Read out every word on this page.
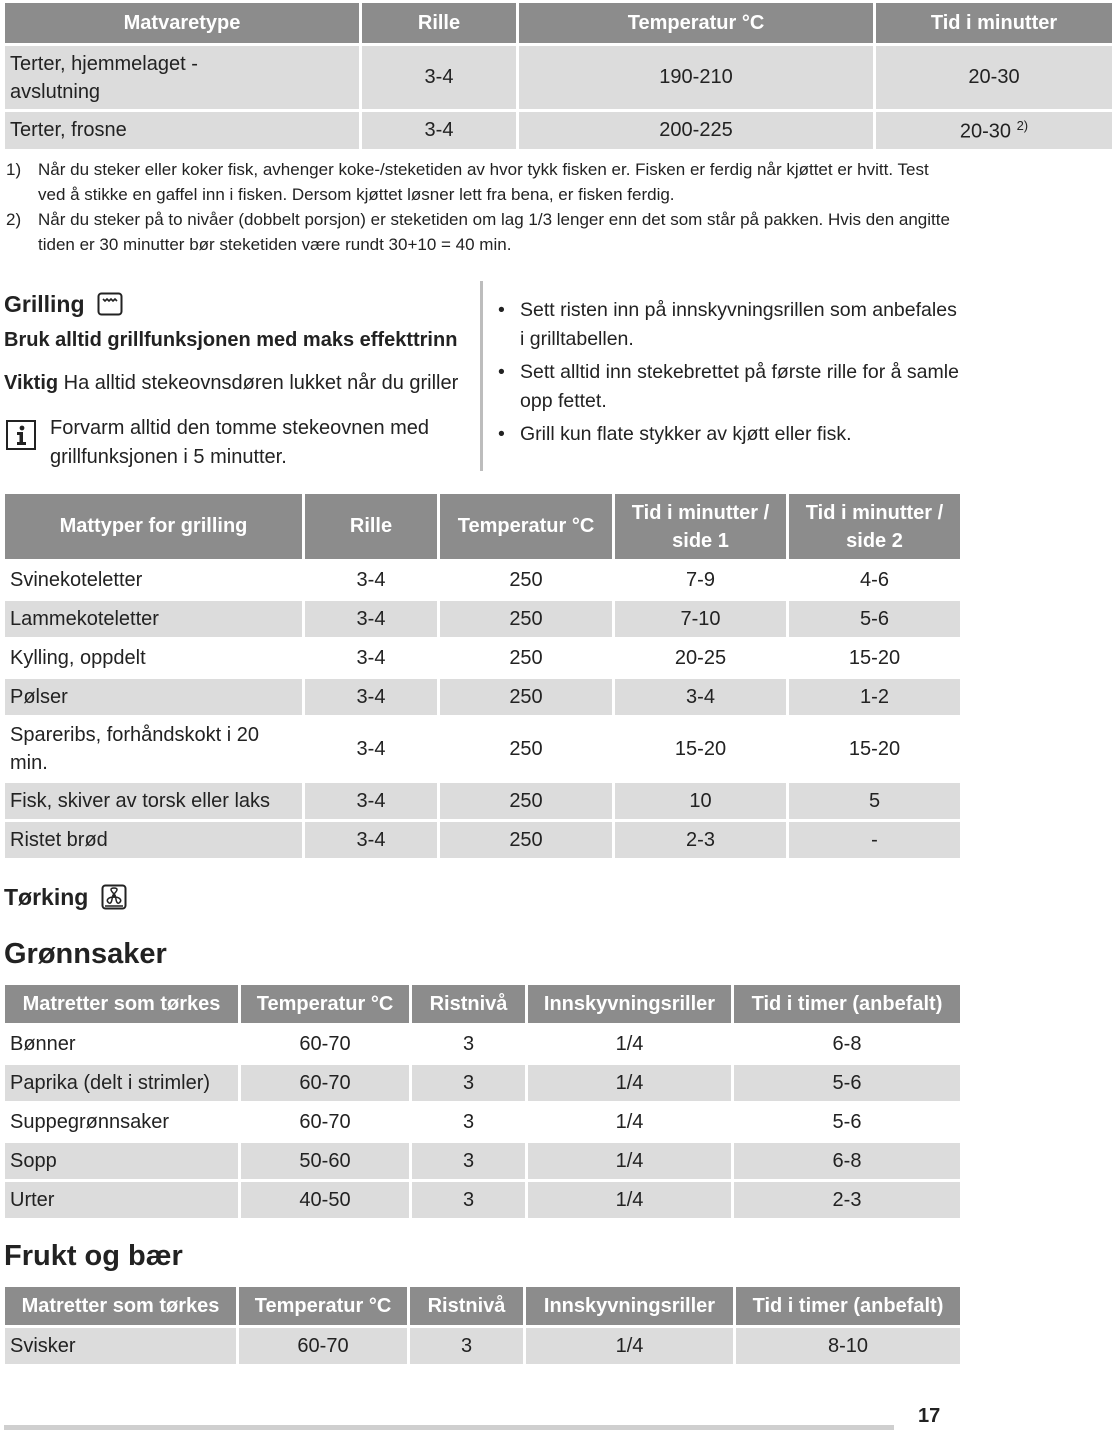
Matvaretype	Rille	Temperatur °C	Tid i minutter

Terter, hjemmelaget - avslutning	3-4	190-210	20-30
Terter, frosne	3-4	200-225	20-30 $^{2)}$
1) Når du steker eller koker fisk, avhenger koke-/steketiden av hvor tykk fisken er. Fisken er ferdig når kjøttet er hvitt. Test ved å stikke en gaffel inn i fisken. Dersom kjøttet løsner lett fra bena, er fisken ferdig.
2) Når du steker på to nivåer (dobbelt porsjon) er steketiden om lag 1/3 lenger enn det som står på pakken. Hvis den angitte tiden er 30 minutter bør steketiden være rundt 30+10 = 40 min.
Grilling
Bruk alltid grillfunksjonen med maks effekttrinn
Viktig Ha alltid stekeovnsdøren lukket når du griller
Forvarm alltid den tomme stekeovnen med grillfunksjonen i 5 minutter.
• Sett risten inn på innskyvningsrillen som anbefales i grilltabellen.
• Sett alltid inn stekebrettet på første rille for å samle opp fettet.
• Grill kun flate stykker av kjøtt eller fisk.
Mattyper for grilling	Rille	Temperatur °C	Tid i minutter / side 1	Tid i minutter / side 2

Svinekoteletter	3-4	250	7-9	4-6
Lammekoteletter	3-4	250	7-10	5-6
Kylling, oppdelt	3-4	250	20-25	15-20
Pølser	3-4	250	3-4	1-2

Spareribs, forhåndskokt i 20 min.	3-4	250	15-20	15-20
Fisk, skiver av torsk eller laks	3-4	250	10	5
Ristet brød	3-4	250	2-3	-
Tørking
Grønnsaker
Matretter som tørkes	Temperatur °C	Ristnivå	Innskyvningsriller	Tid i timer (anbefalt)
Bønner	60-70	3	1/4	6-8
Paprika (delt i strimler)	60-70	3	1/4	5-6
Suppegrønnsaker	60-70	3	1/4	5-6
Sopp	50-60	3	1/4	6-8
Urter	40-50	3	1/4	2-3
Frukt og bær
Matretter som tørkes	Temperatur °C	Ristnivå	Innskyvningsriller	Tid i timer (anbefalt)
Svisker	60-70	3	1/4	8-10
17
